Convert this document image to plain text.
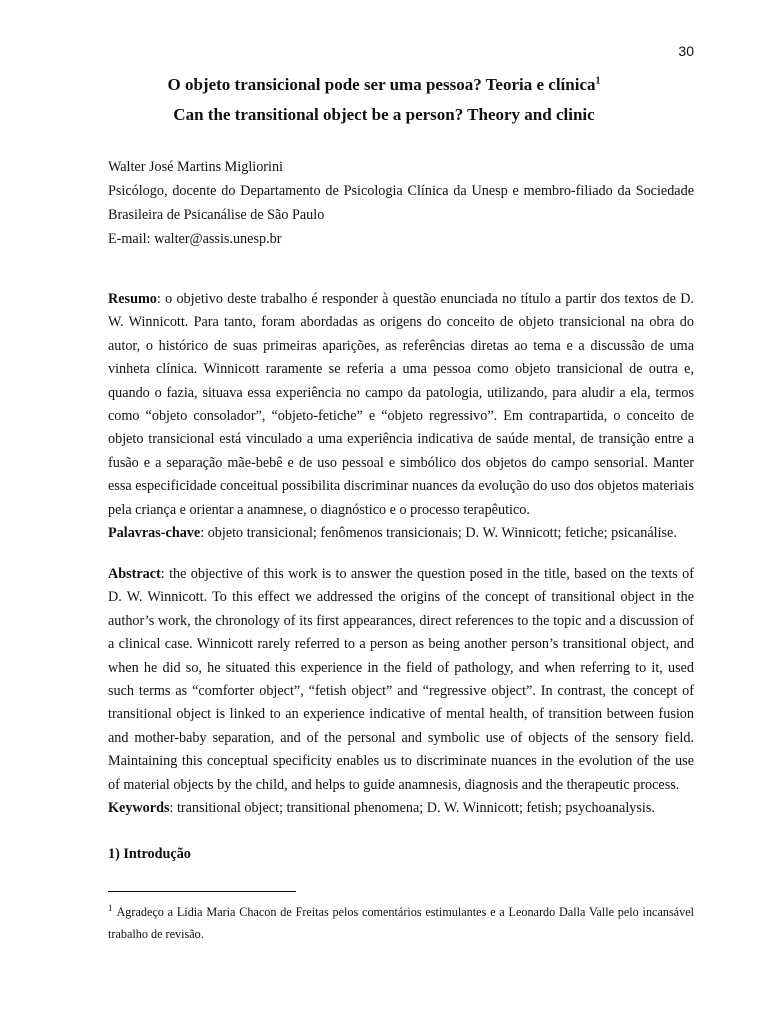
30
O objeto transicional pode ser uma pessoa? Teoria e clínica$^1$
Can the transitional object be a person? Theory and clinic
Walter José Martins Migliorini
Psicólogo, docente do Departamento de Psicologia Clínica da Unesp e membro-filiado da Sociedade Brasileira de Psicanálise de São Paulo
E-mail: walter@assis.unesp.br
Resumo: o objetivo deste trabalho é responder à questão enunciada no título a partir dos textos de D. W. Winnicott. Para tanto, foram abordadas as origens do conceito de objeto transicional na obra do autor, o histórico de suas primeiras aparições, as referências diretas ao tema e a discussão de uma vinheta clínica. Winnicott raramente se referia a uma pessoa como objeto transicional de outra e, quando o fazia, situava essa experiência no campo da patologia, utilizando, para aludir a ela, termos como “objeto consolador”, “objeto-fetiche” e “objeto regressivo”. Em contrapartida, o conceito de objeto transicional está vinculado a uma experiência indicativa de saúde mental, de transição entre a fusão e a separação mãe-bebê e de uso pessoal e simbólico dos objetos do campo sensorial. Manter essa especificidade conceitual possibilita discriminar nuances da evolução do uso dos objetos materiais pela criança e orientar a anamnese, o diagnóstico e o processo terapêutico.
Palavras-chave: objeto transicional; fenômenos transicionais; D. W. Winnicott; fetiche; psicanálise.
Abstract: the objective of this work is to answer the question posed in the title, based on the texts of D. W. Winnicott. To this effect we addressed the origins of the concept of transitional object in the author’s work, the chronology of its first appearances, direct references to the topic and a discussion of a clinical case. Winnicott rarely referred to a person as being another person’s transitional object, and when he did so, he situated this experience in the field of pathology, and when referring to it, used such terms as “comforter object”, “fetish object” and “regressive object”. In contrast, the concept of transitional object is linked to an experience indicative of mental health, of transition between fusion and mother-baby separation, and of the personal and symbolic use of objects of the sensory field. Maintaining this conceptual specificity enables us to discriminate nuances in the evolution of the use of material objects by the child, and helps to guide anamnesis, diagnosis and the therapeutic process.
Keywords: transitional object; transitional phenomena; D. W. Winnicott; fetish; psychoanalysis.
1) Introdução
$^1$ Agradeço a Lídia Maria Chacon de Freitas pelos comentários estimulantes e a Leonardo Dalla Valle pelo incansável trabalho de revisão.
